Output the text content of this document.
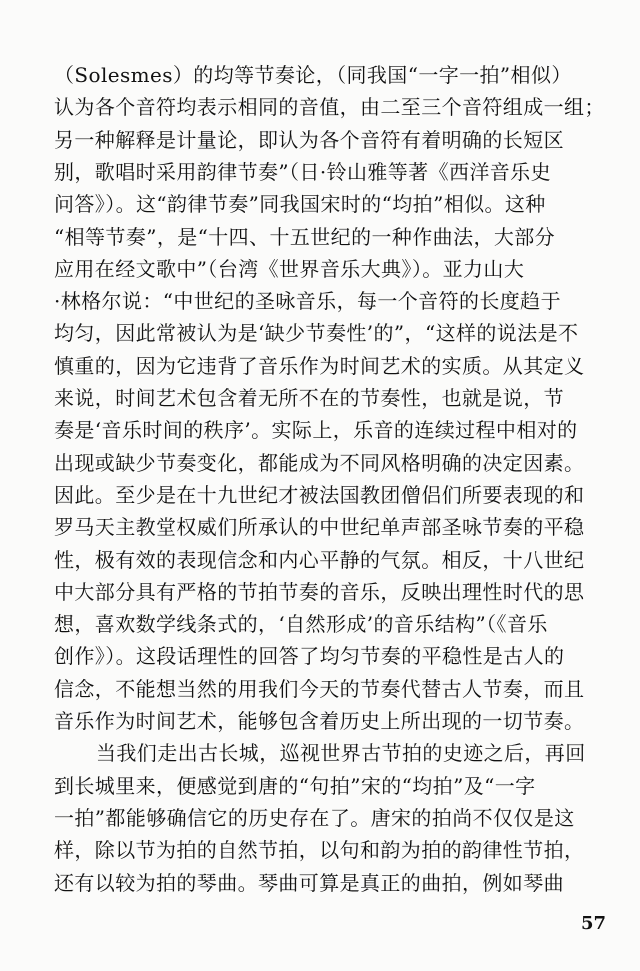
（Solesmes）的均等节奏论，（同我国“一字一拍”相似）
认为各个音符均表示相同的音值，由二至三个音符组成一组；
另一种解释是计量论，即认为各个音符有着明确的长短区
别，歌唱时采用韵律节奏”（日·铃山雅等著《西洋音乐史
问答》）。这“韵律节奏”同我国宋时的“均拍”相似。这种
“相等节奏”，是“十四、十五世纪的一种作曲法，大部分
应用在经文歌中”（台湾《世界音乐大典》）。亚力山大
·林格尔说：“中世纪的圣咏音乐，每一个音符的长度趋于
均匀，因此常被认为是‘缺少节奏性’的”，“这样的说法是不
慎重的，因为它违背了音乐作为时间艺术的实质。从其定义
来说，时间艺术包含着无所不在的节奏性，也就是说，节
奏是‘音乐时间的秩序’。实际上，乐音的连续过程中相对的
出现或缺少节奏变化，都能成为不同风格明确的决定因素。
因此。至少是在十九世纪才被法国教团僧侣们所要表现的和
罗马天主教堂权威们所承认的中世纪单声部圣咏节奏的平稳
性，极有效的表现信念和内心平静的气氛。相反，十八世纪
中大部分具有严格的节拍节奏的音乐，反映出理性时代的思
想，喜欢数学线条式的，‘自然形成’的音乐结构”（《音乐
创作》）。这段话理性的回答了均匀节奏的平稳性是古人的
信念，不能想当然的用我们今天的节奏代替古人节奏，而且
音乐作为时间艺术，能够包含着历史上所出现的一切节奏。
当我们走出古长城，巡视世界古节拍的史迹之后，再回
到长城里来，便感觉到唐的“句拍”宋的“均拍”及“一字
一拍”都能够确信它的历史存在了。唐宋的拍尚不仅仅是这
样，除以节为拍的自然节拍，以句和韵为拍的韵律性节拍，
还有以较为拍的琴曲。琴曲可算是真正的曲拍，例如琴曲
57
